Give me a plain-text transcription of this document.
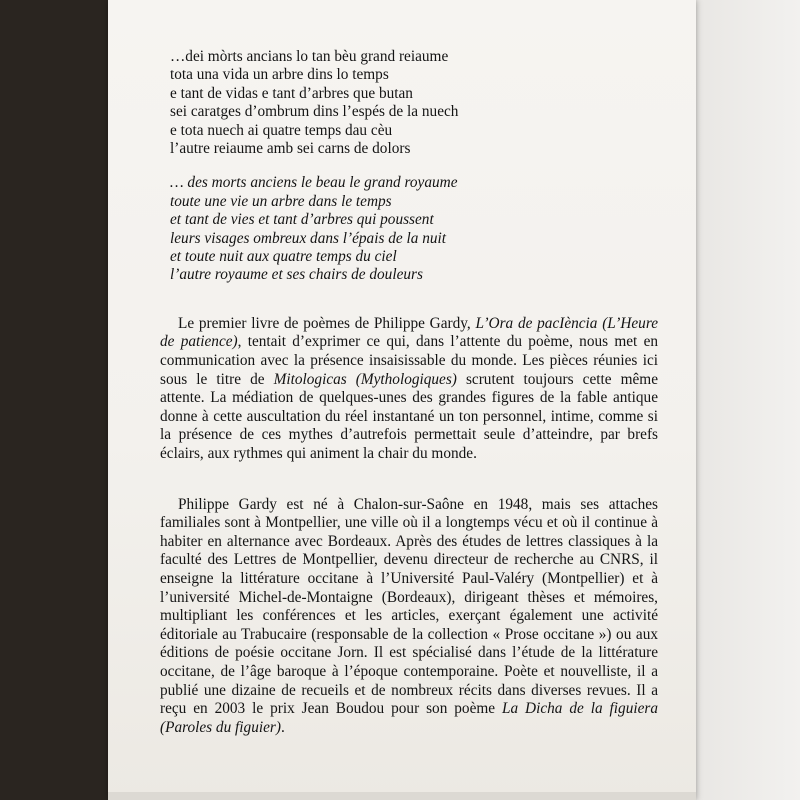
…dei mòrts ancians lo tan bèu grand reiaume
tota una vida un arbre dins lo temps
e tant de vidas e tant d’arbres que butan
sei caratges d’ombrum dins l’espés de la nuech
e tota nuech ai quatre temps dau cèu
l’autre reiaume amb sei carns de dolors
… des morts anciens le beau le grand royaume
toute une vie un arbre dans le temps
et tant de vies et tant d’arbres qui poussent
leurs visages ombreux dans l’épais de la nuit
et toute nuit aux quatre temps du ciel
l’autre royaume et ses chairs de douleurs

Le premier livre de poèmes de Philippe Gardy, L’Ora de pacIència (L’Heure de patience), tentait d’exprimer ce qui, dans l’attente du poème, nous met en communication avec la présence insaisissable du monde. Les pièces réunies ici sous le titre de Mitologicas (Mythologiques) scrutent toujours cette même attente. La médiation de quelques-unes des grandes figures de la fable antique donne à cette auscultation du réel instantané un ton personnel, intime, comme si la présence de ces mythes d’autrefois permettait seule d’atteindre, par brefs éclairs, aux rythmes qui animent la chair du monde.

Philippe Gardy est né à Chalon-sur-Saône en 1948, mais ses attaches familiales sont à Montpellier, une ville où il a longtemps vécu et où il continue à habiter en alternance avec Bordeaux. Après des études de lettres classiques à la faculté des Lettres de Montpellier, devenu directeur de recherche au CNRS, il enseigne la littérature occitane à l’Université Paul-Valéry (Montpellier) et à l’université Michel-de-Montaigne (Bordeaux), dirigeant thèses et mémoires, multipliant les conférences et les articles, exerçant également une activité éditoriale au Trabucaire (responsable de la collection « Prose occitane ») ou aux éditions de poésie occitane Jorn. Il est spécialisé dans l’étude de la littérature occitane, de l’âge baroque à l’époque contemporaine. Poète et nouvelliste, il a publié une dizaine de recueils et de nombreux récits dans diverses revues. Il a reçu en 2003 le prix Jean Boudou pour son poème La Dicha de la figuiera (Paroles du figuier).
